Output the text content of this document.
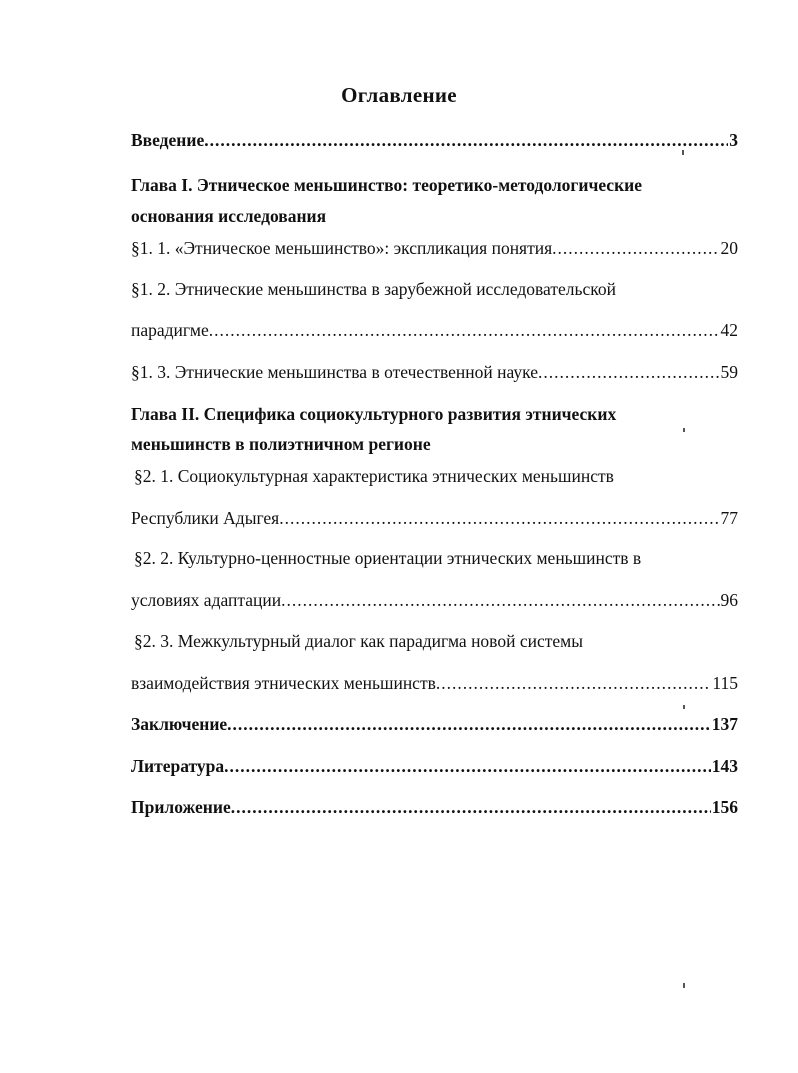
Оглавление
Введение .....	3
Глава I. Этническое меньшинство: теоретико-методологические
основания исследования
§1. 1. «Этническое меньшинство»: экспликация понятия .....	20
§1. 2. Этнические меньшинства в зарубежной исследовательской
парадигме .....	42
§1. 3. Этнические меньшинства в отечественной науке .....	59
Глава II. Специфика социокультурного развития этнических
меньшинств в полиэтничном регионе
§2. 1. Социокультурная характеристика этнических меньшинств
Республики Адыгея .....	77
§2. 2. Культурно-ценностные ориентации этнических меньшинств в
условиях адаптации .....	96
§2. 3. Межкультурный диалог как парадигма новой системы
взаимодействия этнических меньшинств .....	115
Заключение .....	137
Литература .....	143
Приложение .....	156
